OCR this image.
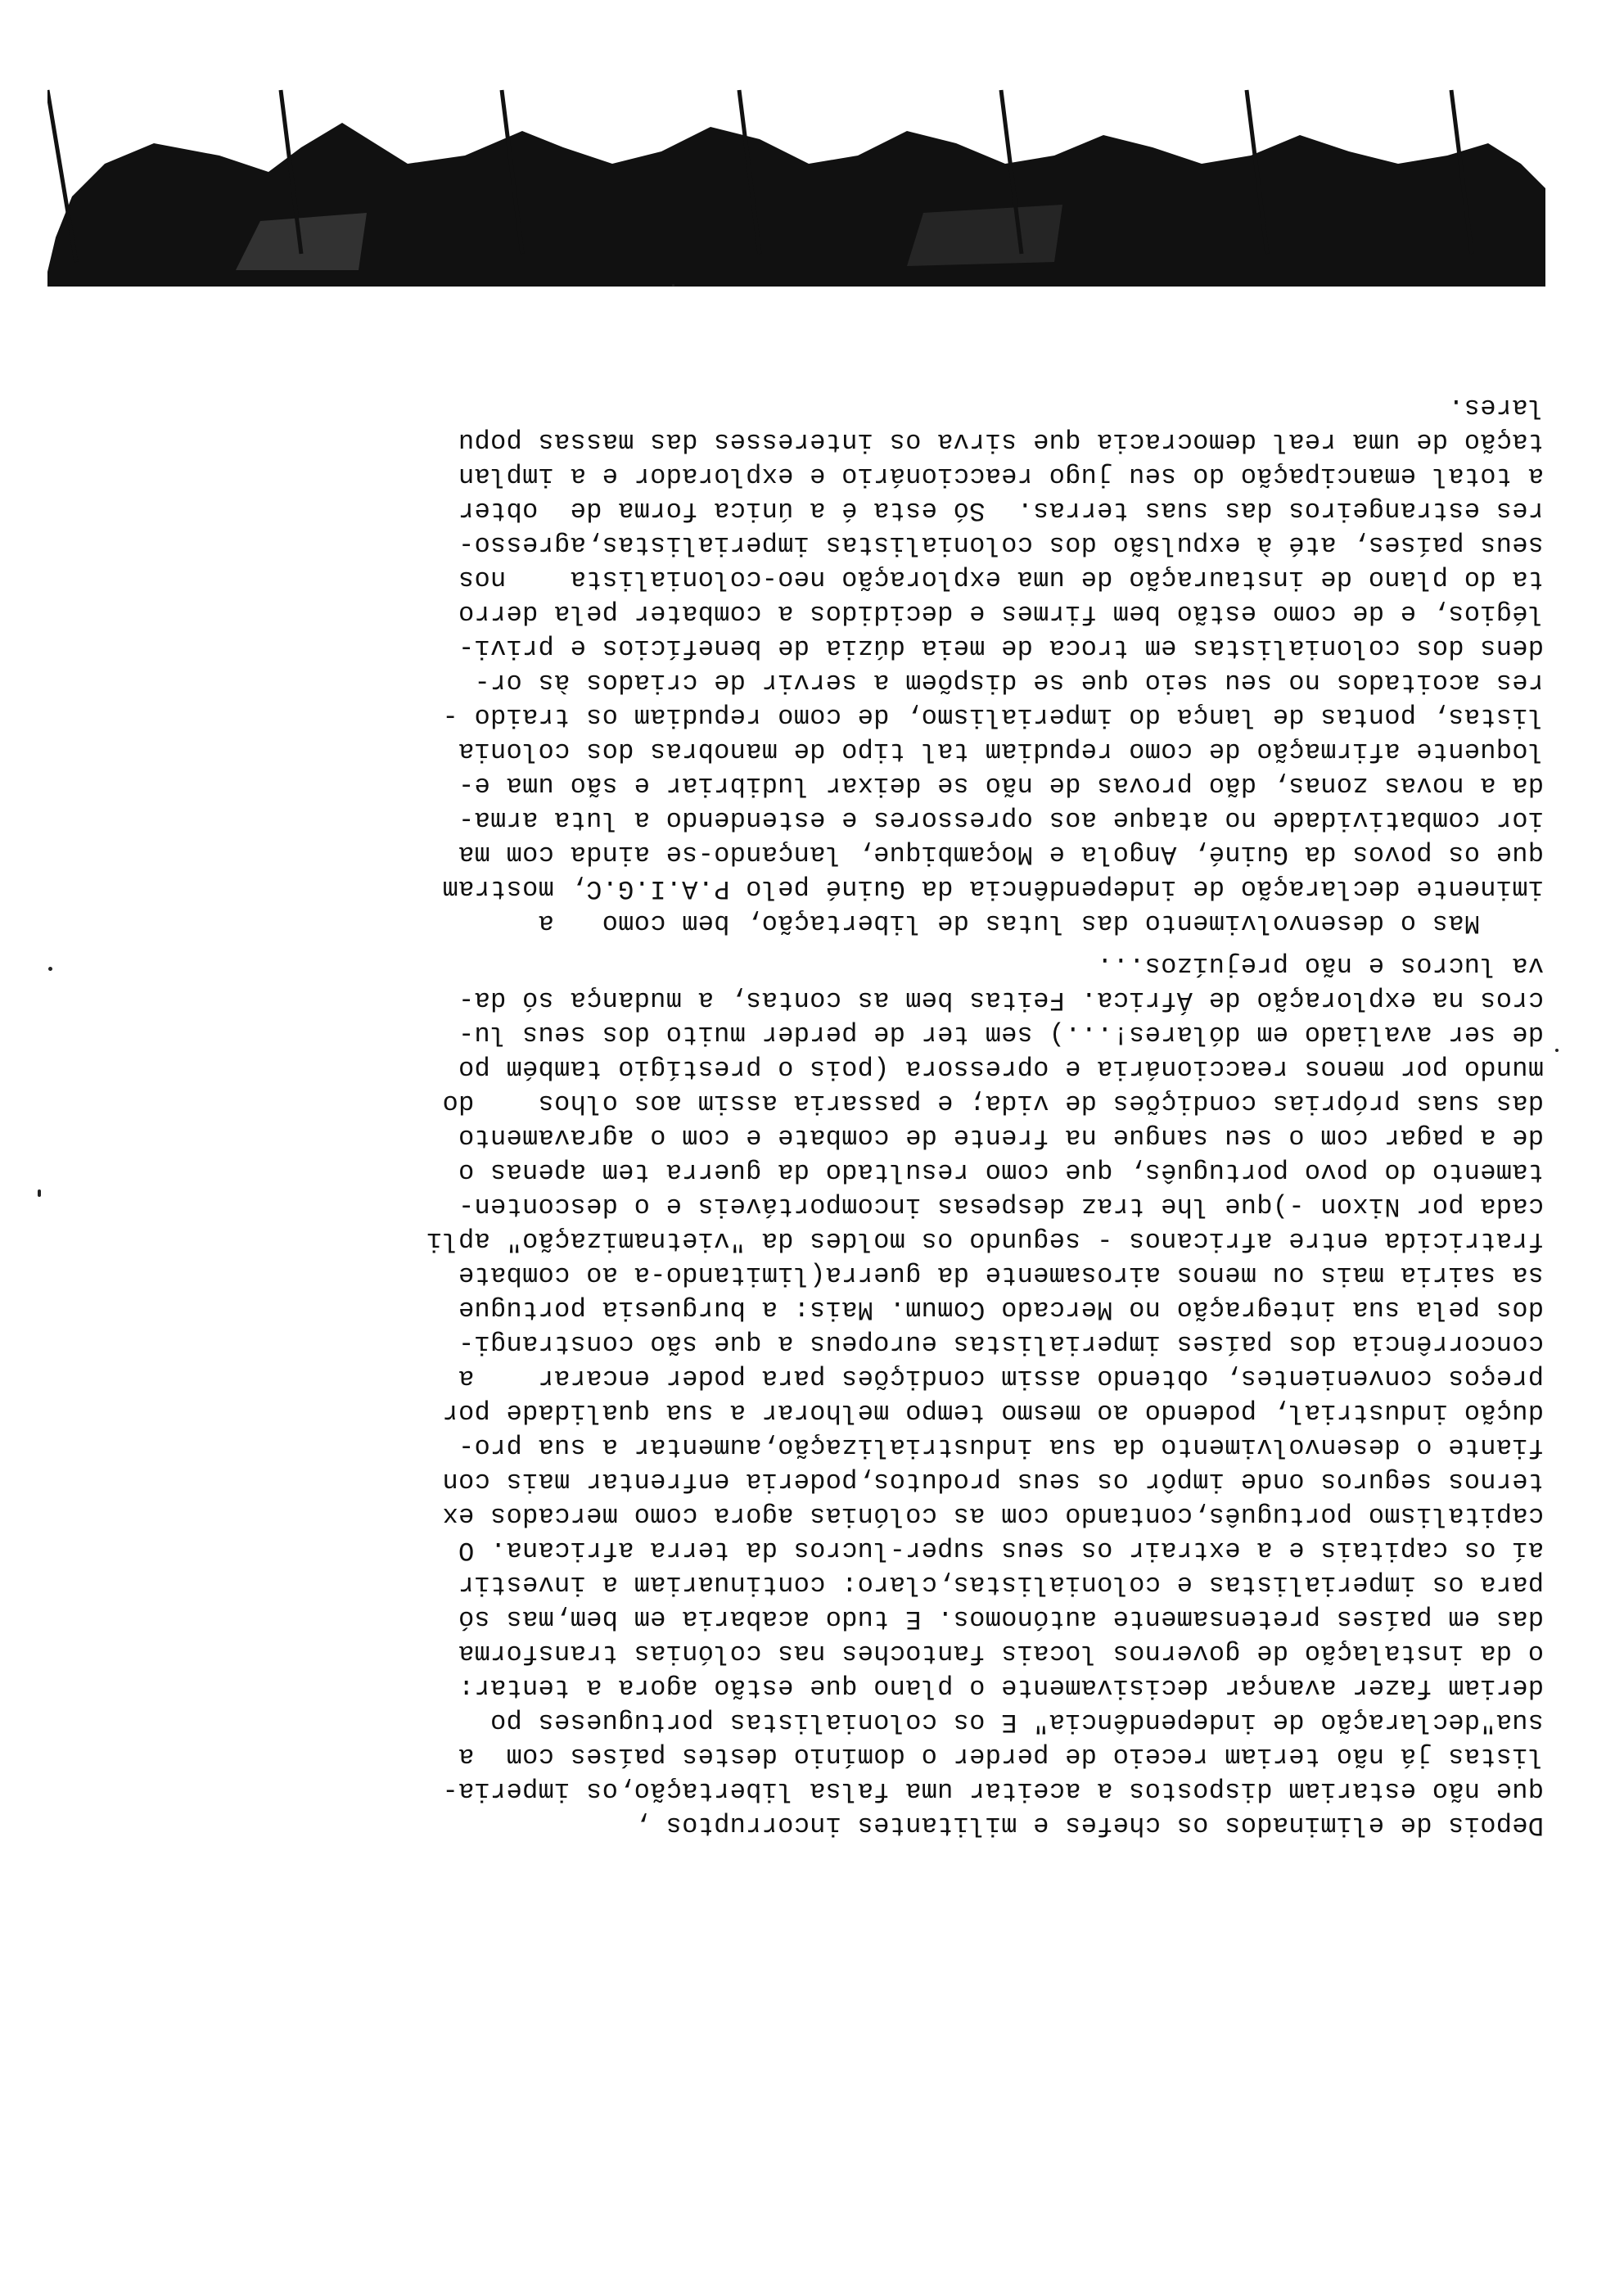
Depois de eliminados os chefes e militantes incorruptos ,
que não estariam dispostos a aceitar uma falsa libertação,os imperia-
listas já não teriam receio de perder o domínio destes países com  a
sua"declaração de independência" E os colonialistas portugueses po
deriam fazer avançar decisivamente o plano que estão agora a tentar:
o da instalação de governos locais fantoches nas colónias transforma
das em países pretensamente autónomos. E tudo acabaria em bem,mas só
para os imperialistas e colonialistas,claro: continuariam a investir
aí os capitais e a extrair os seus super-lucros da terra africana. O
capitalismo português,contando com as colónias agora como mercados ex
ternos seguros onde impôr os seus produtos,poderia enfrentar mais con
fiante o desenvolvimento da sua industrialização,aumentar a sua pro-
dução industrial, podendo ao mesmo tempo melhorar a sua qualidade por
preços convenientes, obtendo assim condições para poder encarar    a
concorrência dos países imperialistas europeus a que são constrangi-
dos pela sua integração no Mercado Comum. Mais: a burguesia portugue
sa sairia mais ou menos airosamente da guerra(limitando-a ao combate
fratricida entre africanos - segundo os moldes da "vietnamização" apli
cada por Nixon -)que lhe traz despesas incomportáveis e o desconten-
tamento do povo português, que como resultado da guerra tem apenas o
de a pagar com o seu sangue na frente de combate e com o agravamento
das suas próprias condições de vida; e passaria assim aos olhos    do
mundo por menos reaccionária e opressora (pois o prestígio também po
de ser avaliado em dólares!...) sem ter de perder muito dos seus lu-
cros na exploração de África. Feitas bem as contas, a mudança só da-
va lucros e não prejuízos...
Mas o desenvolvimento das lutas de libertação, bem como   a
iminente declaração de independência da Guiné pelo P.A.I.G.C, mostram
que os povos da Guiné, Angola e Moçambique, lançando-se ainda com ma
ior combatividade no ataque aos opressores e estendendo a luta arma-
da a novas zonas, dão provas de não se deixar ludibriar e são uma e-
loquente afirmação de como repudiam tal tipo de manobras dos colonia
listas, pontas de lança do imperialismo, de como repudiam os traido -
res acoitados no seu seio que se dispõem a servir de criados às or-
dens dos colonialistas em troca de meia dúzia de benefícios e privi-
légios, e de como estão bem firmes e decididos a combater pela derro
ta do plano de instauração de uma exploração neo-colonialista    nos
seus países, até à expulsão dos colonialistas imperialistas,agresso-
res estrangeiros das suas terras.  Só esta é a única forma de  obter
a total emancipação do seu jugo reaccionário e explorador e a implan
tação de uma real democracia que sirva os interesses das massas popu
lares.
